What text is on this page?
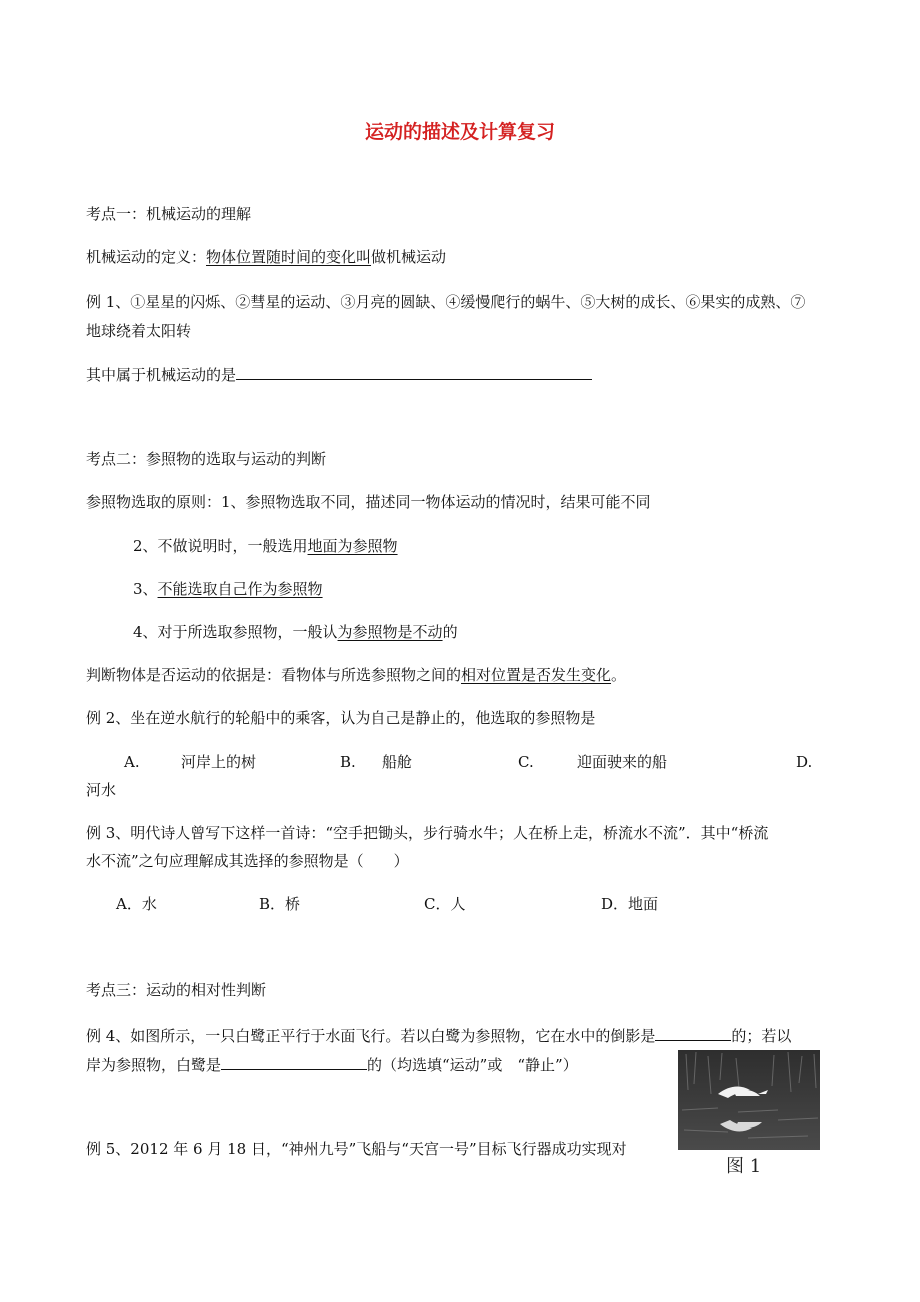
运动的描述及计算复习
考点一：机械运动的理解
机械运动的定义：物体位置随时间的变化叫做机械运动
例 1、①星星的闪烁、②彗星的运动、③月亮的圆缺、④缓慢爬行的蜗牛、⑤大树的成长、⑥果实的成熟、⑦
地球绕着太阳转
其中属于机械运动的是
考点二：参照物的选取与运动的判断
参照物选取的原则：1、参照物选取不同，描述同一物体运动的情况时，结果可能不同
2、不做说明时，一般选用地面为参照物
3、不能选取自己作为参照物
4、对于所选取参照物，一般认为参照物是不动的
判断物体是否运动的依据是：看物体与所选参照物之间的相对位置是否发生变化。
例 2、坐在逆水航行的轮船中的乘客，认为自己是静止的，他选取的参照物是
A.	河岸上的树	B. 船舱	C.	迎面驶来的船	D.
河水
例 3、明代诗人曾写下这样一首诗：“空手把锄头，步行骑水牛；人在桥上走，桥流水不流”．其中“桥流
水不流”之句应理解成其选择的参照物是（　　）
A．水	B．桥	C．人	D．地面
考点三：运动的相对性判断
例 4、如图所示，一只白鹭正平行于水面飞行。若以白鹭为参照物，它在水中的倒影是	的；若以
岸为参照物，白鹭是	的（均选填“运动”或　“静止”）
图 1
例 5、2012 年 6 月 18 日，“神州九号”飞船与“天宫一号”目标飞行器成功实现对
